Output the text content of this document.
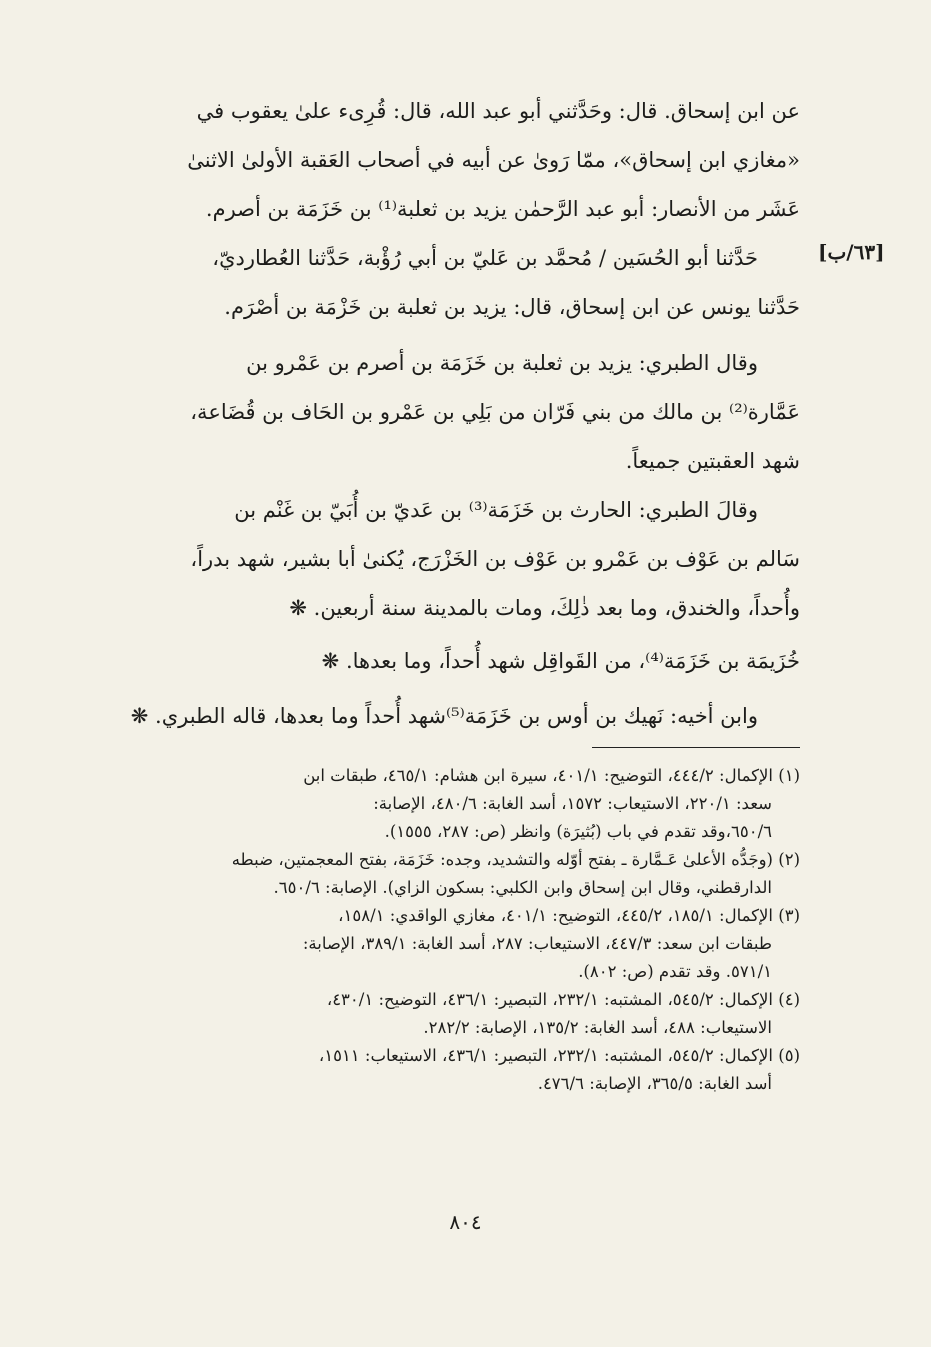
[٦٣/ب]
عن ابن إسحاق. قال: وحَدَّثني أبو عبد الله، قال: قُرِىء علىٰ يعقوب في
«مغازي ابن إسحاق»، ممّا رَوىٰ عن أبيه في أصحاب العَقبة الأولىٰ الاثنىٰ
عَشَر من الأنصار: أبو عبد الرَّحمٰن يزيد بن ثعلبة⁽¹⁾ بن خَزَمَة بن أصرم.
حَدَّثنا أبو الحُسَين / مُحمَّد بن عَليّ بن أبي رُؤْبة، حَدَّثنا العُطارديّ،
حَدَّثنا يونس عن ابن إسحاق، قال: يزيد بن ثعلبة بن خَزْمَة بن أصْرَم.
وقال الطبري: يزيد بن ثعلبة بن خَزَمَة بن أصرم بن عَمْرو بن
عَمَّارة⁽²⁾ بن مالك من بني فَرّان من بَلِي بن عَمْرو بن الحَاف بن قُضَاعة،
شهد العقبتين جميعاً.
وقالَ الطبري: الحارث بن خَزَمَة⁽³⁾ بن عَديّ بن أُبَيّ بن غَنْم بن
سَالم بن عَوْف بن عَمْرو بن عَوْف بن الخَزْرَج، يُكنىٰ أبا بشير، شهد بدراً،
وأُحداً، والخندق، وما بعد ذٰلِكَ، ومات بالمدينة سنة أربعين. ❋
خُزَيمَة بن خَزَمَة⁽⁴⁾، من القَواقِل شهد أُحداً، وما بعدها. ❋
وابن أخيه: نَهيك بن أوس بن خَزَمَة⁽⁵⁾شهد أُحداً وما بعدها، قاله الطبري. ❋
(١) الإكمال: ٤٤٤/٢، التوضيح: ٤٠١/١، سيرة ابن هشام: ٤٦٥/١، طبقات ابن
سعد: ٢٢٠/١، الاستيعاب: ١٥٧٢، أسد الغابة: ٤٨٠/٦، الإصابة:
٦٥٠/٦،وقد تقدم في باب (بُثيرَة) وانظر (ص: ٢٨٧، ١٥٥٥).
(٢) (وجَدُّه الأعلىٰ عَـمَّارة ـ بفتح أوّله والتشديد، وجده: خَزَمَة، بفتح المعجمتين، ضبطه
الدارقطني، وقال ابن إسحاق وابن الكلبي: بسكون الزاي). الإصابة: ٦٥٠/٦.
(٣) الإكمال: ١٨٥/١، ٤٤٥/٢، التوضيح: ٤٠١/١، مغازي الواقدي: ١٥٨/١،
طبقات ابن سعد: ٤٤٧/٣، الاستيعاب: ٢٨٧، أسد الغابة: ٣٨٩/١، الإصابة:
٥٧١/١. وقد تقدم (ص: ٨٠٢).
(٤) الإكمال: ٥٤٥/٢، المشتبه: ٢٣٢/١، التبصير: ٤٣٦/١، التوضيح: ٤٣٠/١،
الاستيعاب: ٤٨٨، أسد الغابة: ١٣٥/٢، الإصابة: ٢٨٢/٢.
(٥) الإكمال: ٥٤٥/٢، المشتبه: ٢٣٢/١، التبصير: ٤٣٦/١، الاستيعاب: ١٥١١،
أسد الغابة: ٣٦٥/٥، الإصابة: ٤٧٦/٦.
٨٠٤
